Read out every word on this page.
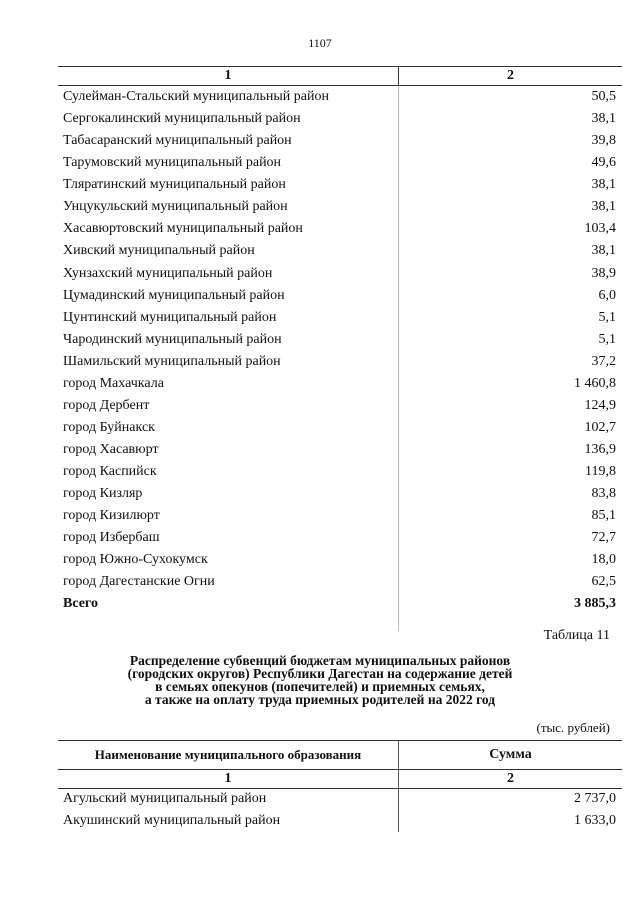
1107
1	2
Сулейман-Стальский муниципальный район	50,5
Сергокалинский муниципальный район	38,1
Табасаранский муниципальный район	39,8
Тарумовский муниципальный район	49,6
Тляратинский муниципальный район	38,1
Унцукульский муниципальный район	38,1
Хасавюртовский муниципальный район	103,4
Хивский муниципальный район	38,1
Хунзахский муниципальный район	38,9
Цумадинский муниципальный район	6,0
Цунтинский муниципальный район	5,1
Чародинский муниципальный район	5,1
Шамильский муниципальный район	37,2
город Махачкала	1 460,8
город Дербент	124,9
город Буйнакск	102,7
город Хасавюрт	136,9
город Каспийск	119,8
город Кизляр	83,8
город Кизилюрт	85,1
город Избербаш	72,7
город Южно-Сухокумск	18,0
город Дагестанские Огни	62,5
Всего	3 885,3
Таблица 11
Распределение субвенций бюджетам муниципальных районов
(городских округов) Республики Дагестан на содержание детей
в семьях опекунов (попечителей) и приемных семьях,
а также на оплату труда приемных родителей на 2022 год
(тыс. рублей)
Наименование муниципального образования	Сумма
1	2
Агульский муниципальный район	2 737,0
Акушинский муниципальный район	1 633,0
